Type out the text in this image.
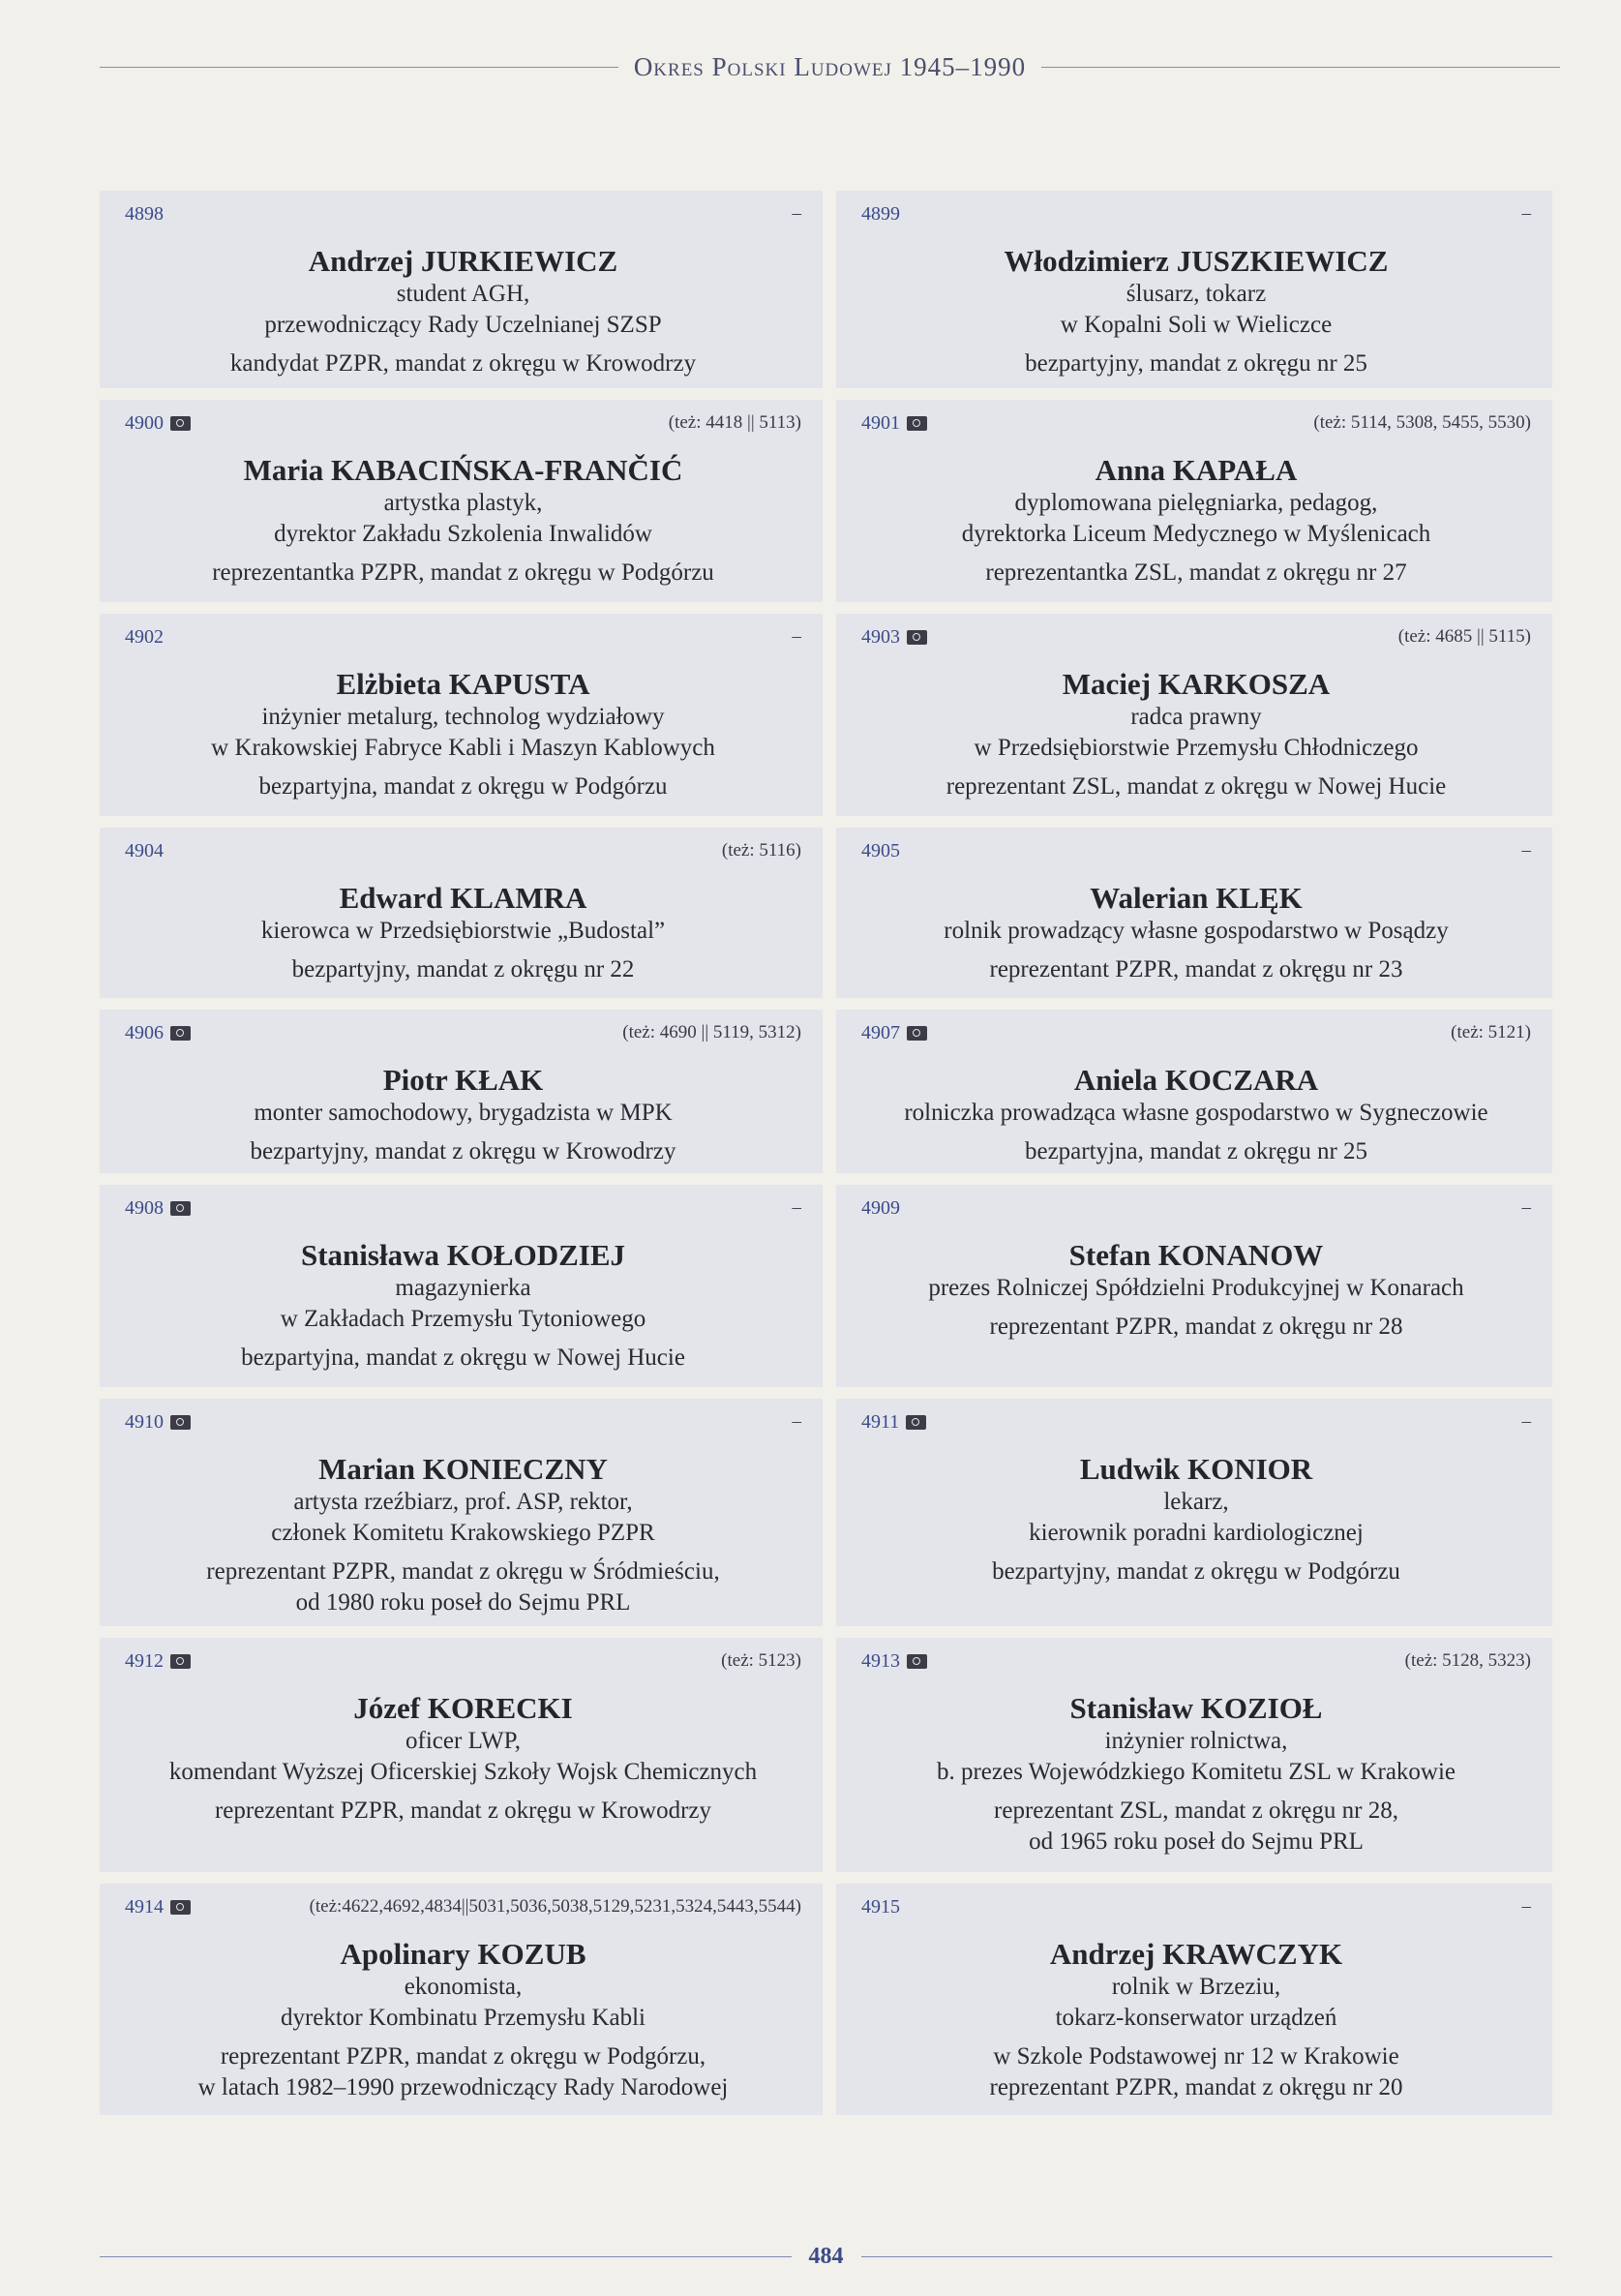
Okres Polski Ludowej 1945–1990
4898	–
Andrzej JURKIEWICZ
student AGH,
przewodniczący Rady Uczelnianej SZSP
kandydat PZPR, mandat z okręgu w Krowodrzy
4899	–
Włodzimierz JUSZKIEWICZ
ślusarz, tokarz
w Kopalni Soli w Wieliczce
bezpartyjny, mandat z okręgu nr 25
4900	(też: 4418 || 5113)
Maria KABACIŃSKA-FRANČIĆ
artystka plastyk,
dyrektor Zakładu Szkolenia Inwalidów
reprezentantka PZPR, mandat z okręgu w Podgórzu
4901	(też: 5114, 5308, 5455, 5530)
Anna KAPAŁA
dyplomowana pielęgniarka, pedagog,
dyrektorka Liceum Medycznego w Myślenicach
reprezentantka ZSL, mandat z okręgu nr 27
4902	–
Elżbieta KAPUSTA
inżynier metalurg, technolog wydziałowy
w Krakowskiej Fabryce Kabli i Maszyn Kablowych
bezpartyjna, mandat z okręgu w Podgórzu
4903	(też: 4685 || 5115)
Maciej KARKOSZA
radca prawny
w Przedsiębiorstwie Przemysłu Chłodniczego
reprezentant ZSL, mandat z okręgu w Nowej Hucie
4904	(też: 5116)
Edward KLAMRA
kierowca w Przedsiębiorstwie „Budostal”
bezpartyjny, mandat z okręgu nr 22
4905	–
Walerian KLĘK
rolnik prowadzący własne gospodarstwo w Posądzy
reprezentant PZPR, mandat z okręgu nr 23
4906	(też: 4690 || 5119, 5312)
Piotr KŁAK
monter samochodowy, brygadzista w MPK
bezpartyjny, mandat z okręgu w Krowodrzy
4907	(też: 5121)
Aniela KOCZARA
rolniczka prowadząca własne gospodarstwo w Sygneczowie
bezpartyjna, mandat z okręgu nr 25
4908	–
Stanisława KOŁODZIEJ
magazynierka
w Zakładach Przemysłu Tytoniowego
bezpartyjna, mandat z okręgu w Nowej Hucie
4909	–
Stefan KONANOW
prezes Rolniczej Spółdzielni Produkcyjnej w Konarach
reprezentant PZPR, mandat z okręgu nr 28
4910	–
Marian KONIECZNY
artysta rzeźbiarz, prof. ASP, rektor,
członek Komitetu Krakowskiego PZPR
reprezentant PZPR, mandat z okręgu w Śródmieściu,
od 1980 roku poseł do Sejmu PRL
4911	–
Ludwik KONIOR
lekarz,
kierownik poradni kardiologicznej
bezpartyjny, mandat z okręgu w Podgórzu
4912	(też: 5123)
Józef KORECKI
oficer LWP,
komendant Wyższej Oficerskiej Szkoły Wojsk Chemicznych
reprezentant PZPR, mandat z okręgu w Krowodrzy
4913	(też: 5128, 5323)
Stanisław KOZIOŁ
inżynier rolnictwa,
b. prezes Wojewódzkiego Komitetu ZSL w Krakowie
reprezentant ZSL, mandat z okręgu nr 28,
od 1965 roku poseł do Sejmu PRL
4914	(też:4622,4692,4834||5031,5036,5038,5129,5231,5324,5443,5544)
Apolinary KOZUB
ekonomista,
dyrektor Kombinatu Przemysłu Kabli
reprezentant PZPR, mandat z okręgu w Podgórzu,
w latach 1982–1990 przewodniczący Rady Narodowej
4915	–
Andrzej KRAWCZYK
rolnik w Brzeziu,
tokarz-konserwator urządzeń
w Szkole Podstawowej nr 12 w Krakowie
reprezentant PZPR, mandat z okręgu nr 20
484
